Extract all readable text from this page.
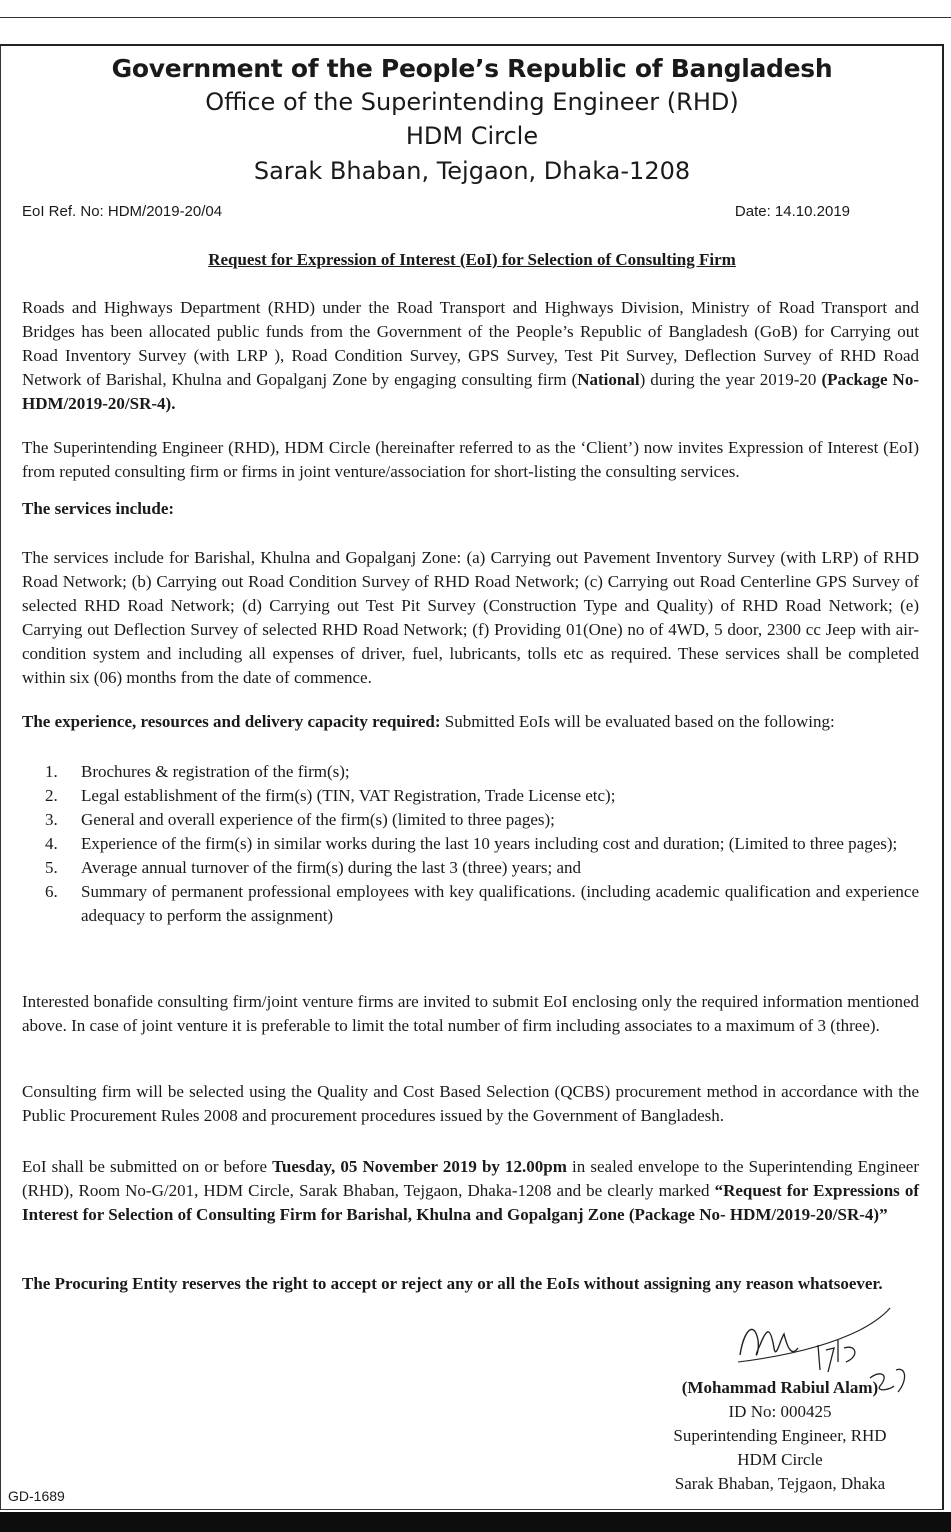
Government of the People’s Republic of Bangladesh
Office of the Superintending Engineer (RHD)
HDM Circle
Sarak Bhaban, Tejgaon, Dhaka-1208
EoI Ref. No: HDM/2019-20/04	Date: 14.10.2019
Request for Expression of Interest (EoI) for Selection of Consulting Firm

Roads and Highways Department (RHD) under the Road Transport and Highways Division, Ministry of Road Transport and Bridges has been allocated public funds from the Government of the People’s Republic of Bangladesh (GoB) for Carrying out Road Inventory Survey (with LRP ), Road Condition Survey, GPS Survey, Test Pit Survey, Deflection Survey of RHD Road Network of Barishal, Khulna and Gopalganj Zone by engaging consulting firm (National) during the year 2019-20 (Package No- HDM/2019-20/SR-4).

The Superintending Engineer (RHD), HDM Circle (hereinafter referred to as the ‘Client’) now invites Expression of Interest (EoI) from reputed consulting firm or firms in joint venture/association for short-listing the consulting services.

The services include:

The services include for Barishal, Khulna and Gopalganj Zone: (a) Carrying out Pavement Inventory Survey (with LRP) of RHD Road Network; (b) Carrying out Road Condition Survey of RHD Road Network; (c) Carrying out Road Centerline GPS Survey of selected RHD Road Network; (d) Carrying out Test Pit Survey (Construction Type and Quality) of RHD Road Network; (e) Carrying out Deflection Survey of selected RHD Road Network; (f) Providing 01(One) no of 4WD, 5 door, 2300 cc Jeep with air-condition system and including all expenses of driver, fuel, lubricants, tolls etc as required. These services shall be completed within six (06) months from the date of commence.

The experience, resources and delivery capacity required: Submitted EoIs will be evaluated based on the following:

1.	Brochures & registration of the firm(s);
2.	Legal establishment of the firm(s) (TIN, VAT Registration, Trade License etc);
3.	General and overall experience of the firm(s) (limited to three pages);
4.	Experience of the firm(s) in similar works during the last 10 years including cost and duration; (Limited to three pages);
5.	Average annual turnover of the firm(s) during the last 3 (three) years; and
6.	Summary of permanent professional employees with key qualifications. (including academic qualification and experience adequacy to perform the assignment)

Interested bonafide consulting firm/joint venture firms are invited to submit EoI enclosing only the required information mentioned above. In case of joint venture it is preferable to limit the total number of firm including associates to a maximum of 3 (three).

Consulting firm will be selected using the Quality and Cost Based Selection (QCBS) procurement method in accordance with the Public Procurement Rules 2008 and procurement procedures issued by the Government of Bangladesh.

EoI shall be submitted on or before Tuesday, 05 November 2019 by 12.00pm in sealed envelope to the Superintending Engineer (RHD), Room No-G/201, HDM Circle, Sarak Bhaban, Tejgaon, Dhaka-1208 and be clearly marked “Request for Expressions of Interest for Selection of Consulting Firm for Barishal, Khulna and Gopalganj Zone (Package No- HDM/2019-20/SR-4)”

The Procuring Entity reserves the right to accept or reject any or all the EoIs without assigning any reason whatsoever.

(Mohammad Rabiul Alam)
ID No: 000425
Superintending Engineer, RHD
HDM Circle
Sarak Bhaban, Tejgaon, Dhaka
GD-1689
